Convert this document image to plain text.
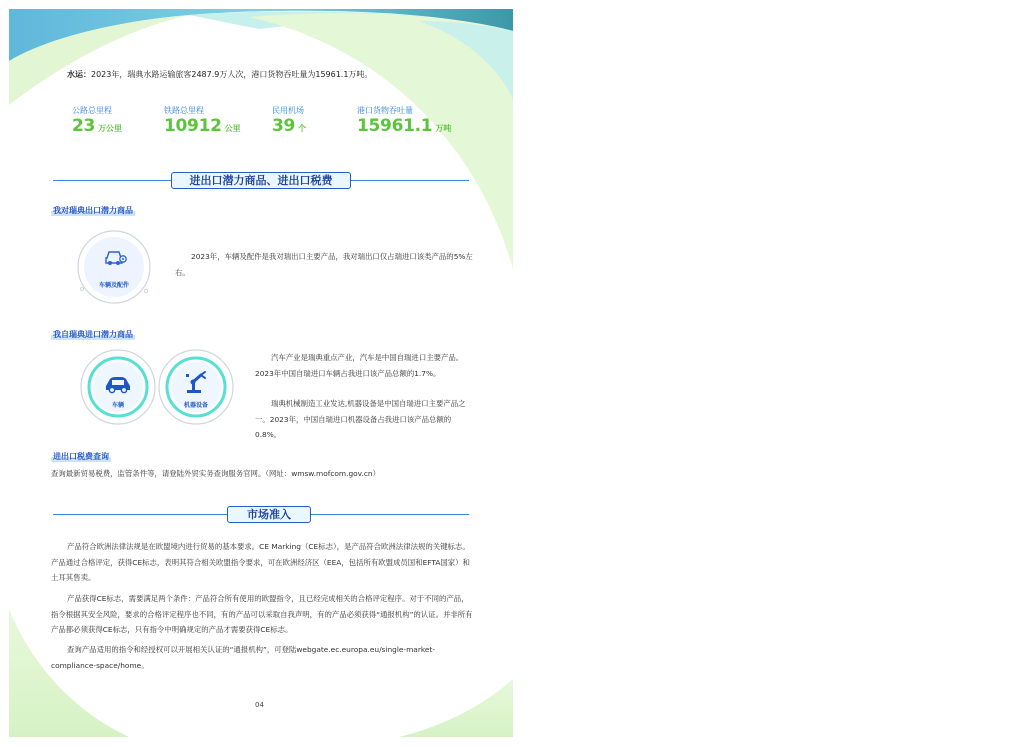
水运：2023年，瑞典水路运输旅客2487.9万人次，港口货物吞吐量为15961.1万吨。
公路总里程
23 万公里
铁路总里程
10912 公里
民用机场
39 个
港口货物吞吐量
15961.1 万吨
进出口潜力商品、进出口税费
我对瑞典出口潜力商品
车辆及配件
2023年，车辆及配件是我对瑞出口主要产品，我对瑞出口仅占瑞进口该类产品的5%左右。
我自瑞典进口潜力商品
车辆	机器设备
汽车产业是瑞典重点产业，汽车是中国自瑞进口主要产品。2023年中国自瑞进口车辆占我进口该产品总额的1.7%。
瑞典机械制造工业发达,机器设备是中国自瑞进口主要产品之一。2023年，中国自瑞进口机器设备占我进口该产品总额的 0.8%。
进出口税费查询
查询最新贸易税费，监管条件等，请登陆外贸实务查询服务官网。（网址：wmsw.mofcom.gov.cn）
市场准入
产品符合欧洲法律法规是在欧盟境内进行贸易的基本要求。CE Marking（CE标志），是产品符合欧洲法律法规的关键标志。产品通过合格评定，获得CE标志，表明其符合相关欧盟指令要求，可在欧洲经济区（EEA，包括所有欧盟成员国和EFTA国家）和土耳其售卖。
产品获得CE标志，需要满足两个条件：产品符合所有使用的欧盟指令，且已经完成相关的合格评定程序。对于不同的产品，指令根据其安全风险，要求的合格评定程序也不同，有的产品可以采取自我声明，有的产品必须获得“通报机构”的认证。并非所有产品都必须获得CE标志，只有指令中明确规定的产品才需要获得CE标志。
查询产品适用的指令和经授权可以开展相关认证的“通报机构”，可登陆webgate.ec.europa.eu/single-market-compliance-space/home。
04
